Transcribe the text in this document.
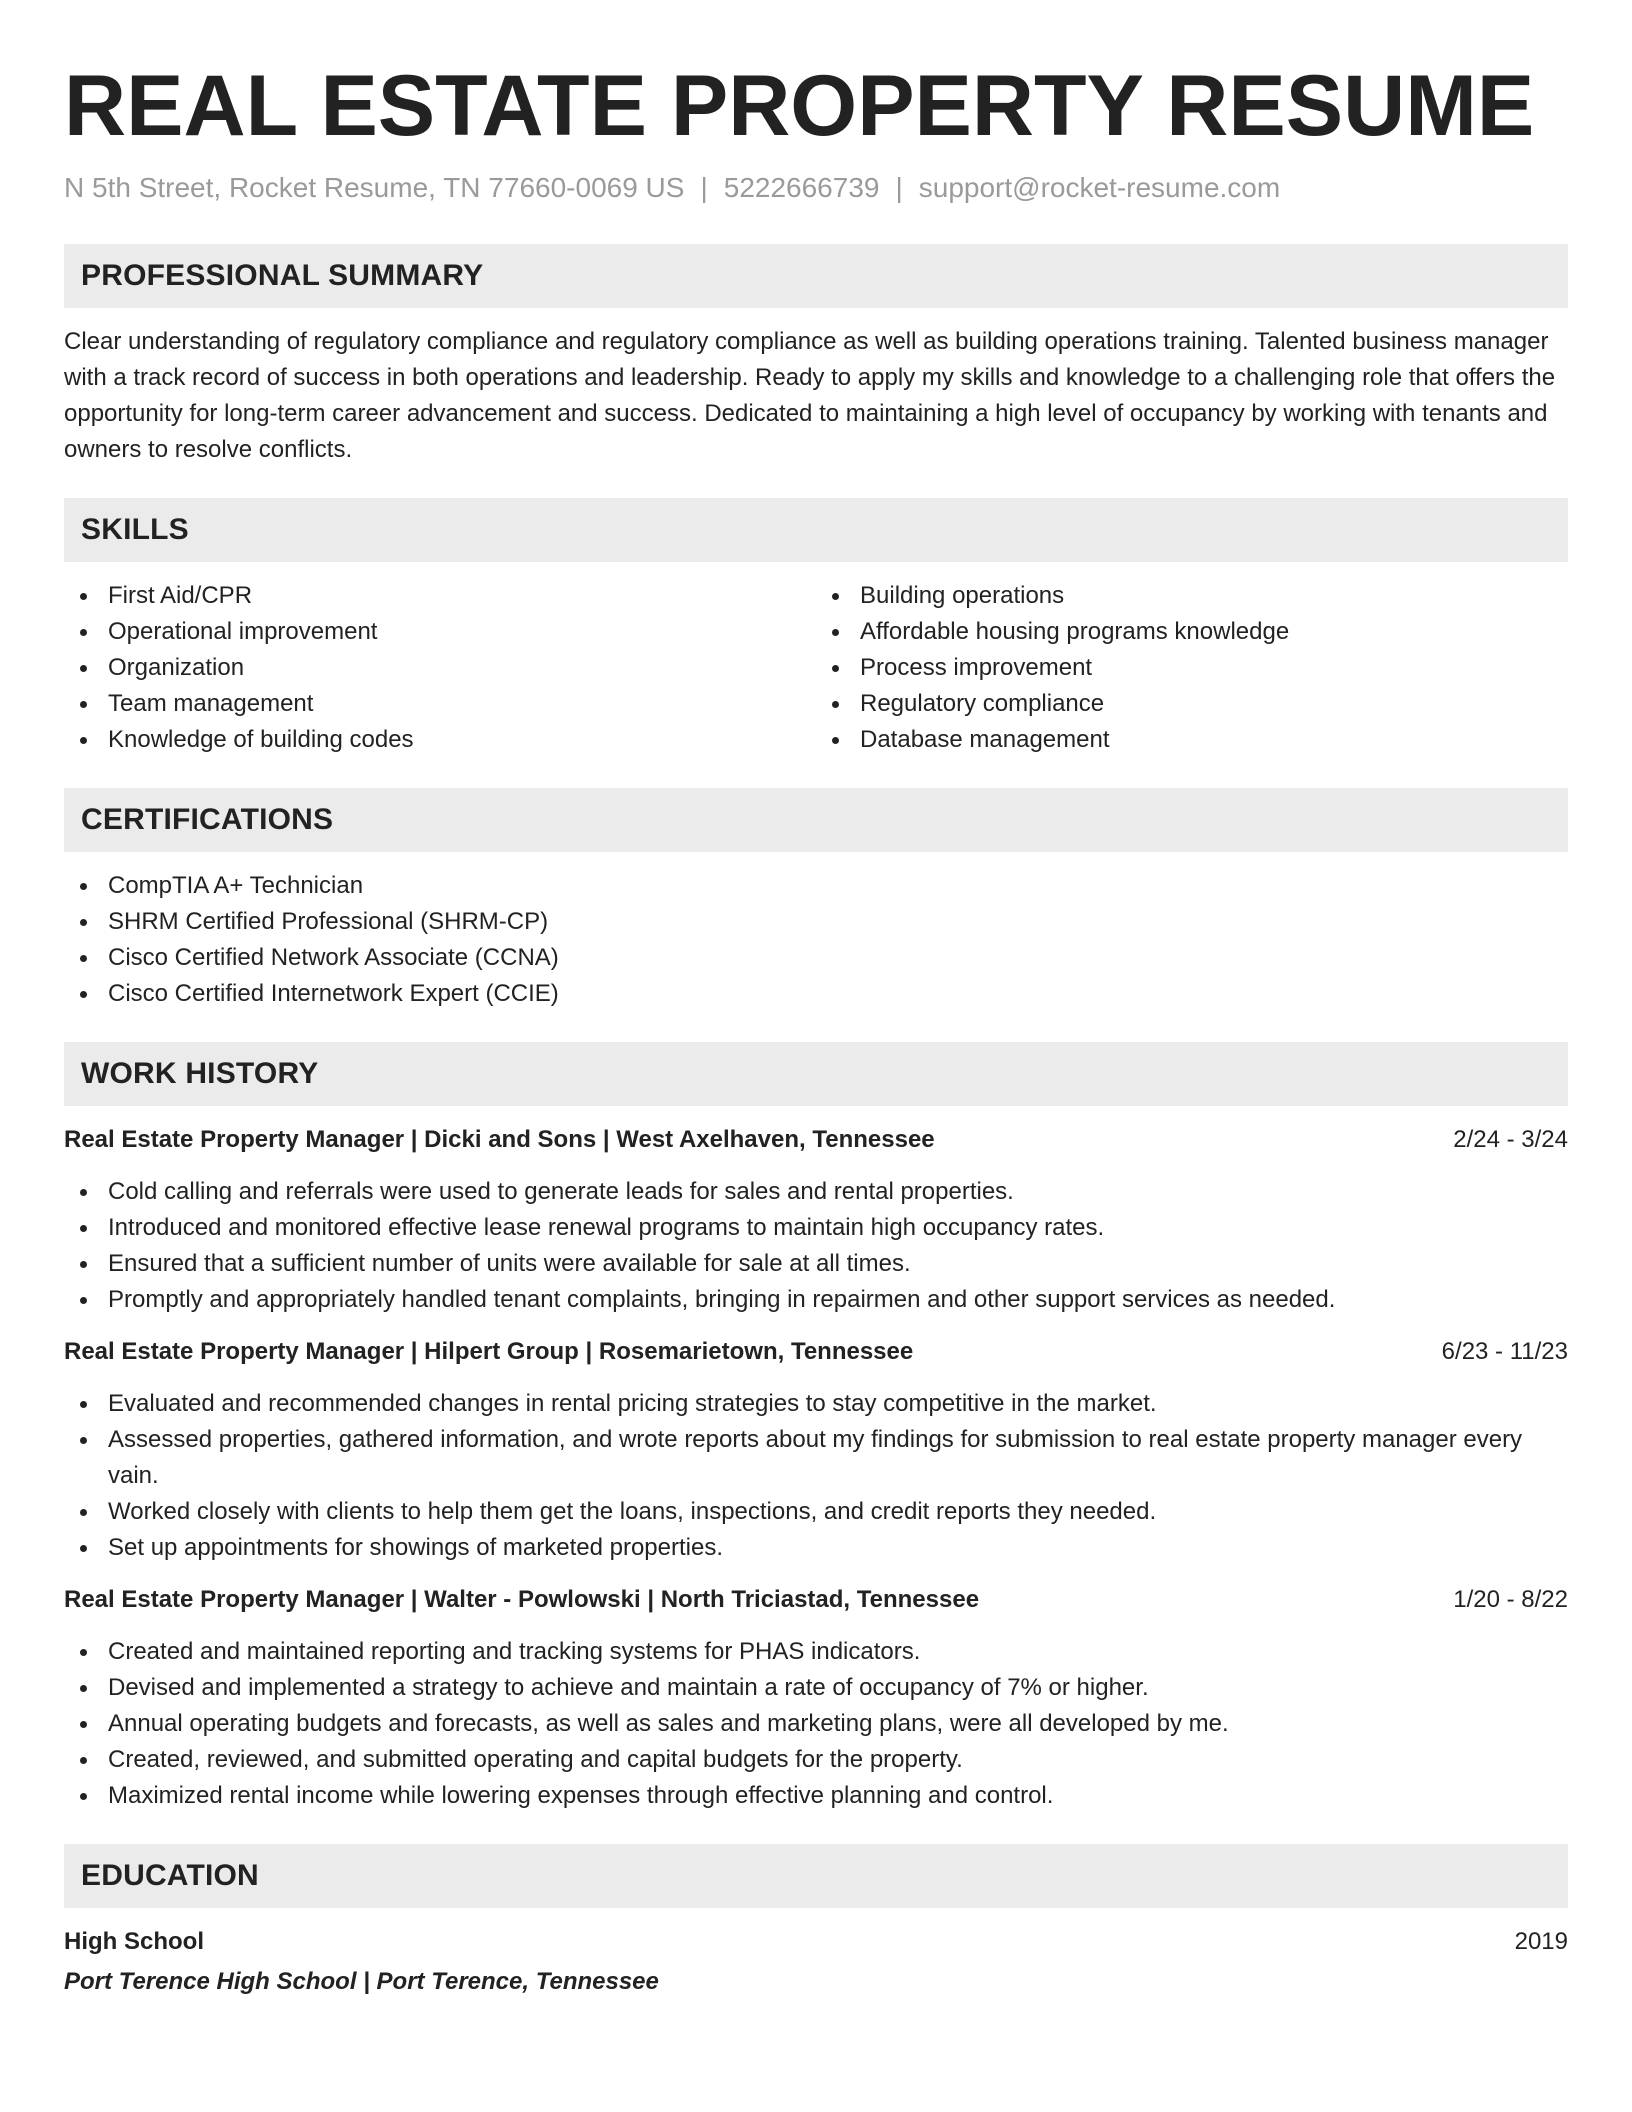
REAL ESTATE PROPERTY RESUME
N 5th Street, Rocket Resume, TN 77660-0069 US | 5222666739 | support@rocket-resume.com
PROFESSIONAL SUMMARY

Clear understanding of regulatory compliance and regulatory compliance as well as building operations training. Talented business manager with a track record of success in both operations and leadership. Ready to apply my skills and knowledge to a challenging role that offers the opportunity for long-term career advancement and success. Dedicated to maintaining a high level of occupancy by working with tenants and owners to resolve conflicts.

SKILLS
First Aid/CPR
Operational improvement
Organization
Team management
Knowledge of building codes
Building operations
Affordable housing programs knowledge
Process improvement
Regulatory compliance
Database management
CERTIFICATIONS
CompTIA A+ Technician
SHRM Certified Professional (SHRM-CP)
Cisco Certified Network Associate (CCNA)
Cisco Certified Internetwork Expert (CCIE)
WORK HISTORY
Real Estate Property Manager | Dicki and Sons | West Axelhaven, Tennessee	2/24 - 3/24
Cold calling and referrals were used to generate leads for sales and rental properties.
Introduced and monitored effective lease renewal programs to maintain high occupancy rates.
Ensured that a sufficient number of units were available for sale at all times.
Promptly and appropriately handled tenant complaints, bringing in repairmen and other support services as needed.
Real Estate Property Manager | Hilpert Group | Rosemarietown, Tennessee	6/23 - 11/23
Evaluated and recommended changes in rental pricing strategies to stay competitive in the market.
Assessed properties, gathered information, and wrote reports about my findings for submission to real estate property manager every vain.
Worked closely with clients to help them get the loans, inspections, and credit reports they needed.
Set up appointments for showings of marketed properties.
Real Estate Property Manager | Walter - Powlowski | North Triciastad, Tennessee	1/20 - 8/22
Created and maintained reporting and tracking systems for PHAS indicators.
Devised and implemented a strategy to achieve and maintain a rate of occupancy of 7% or higher.
Annual operating budgets and forecasts, as well as sales and marketing plans, were all developed by me.
Created, reviewed, and submitted operating and capital budgets for the property.
Maximized rental income while lowering expenses through effective planning and control.
EDUCATION
High School	2019
Port Terence High School | Port Terence, Tennessee
